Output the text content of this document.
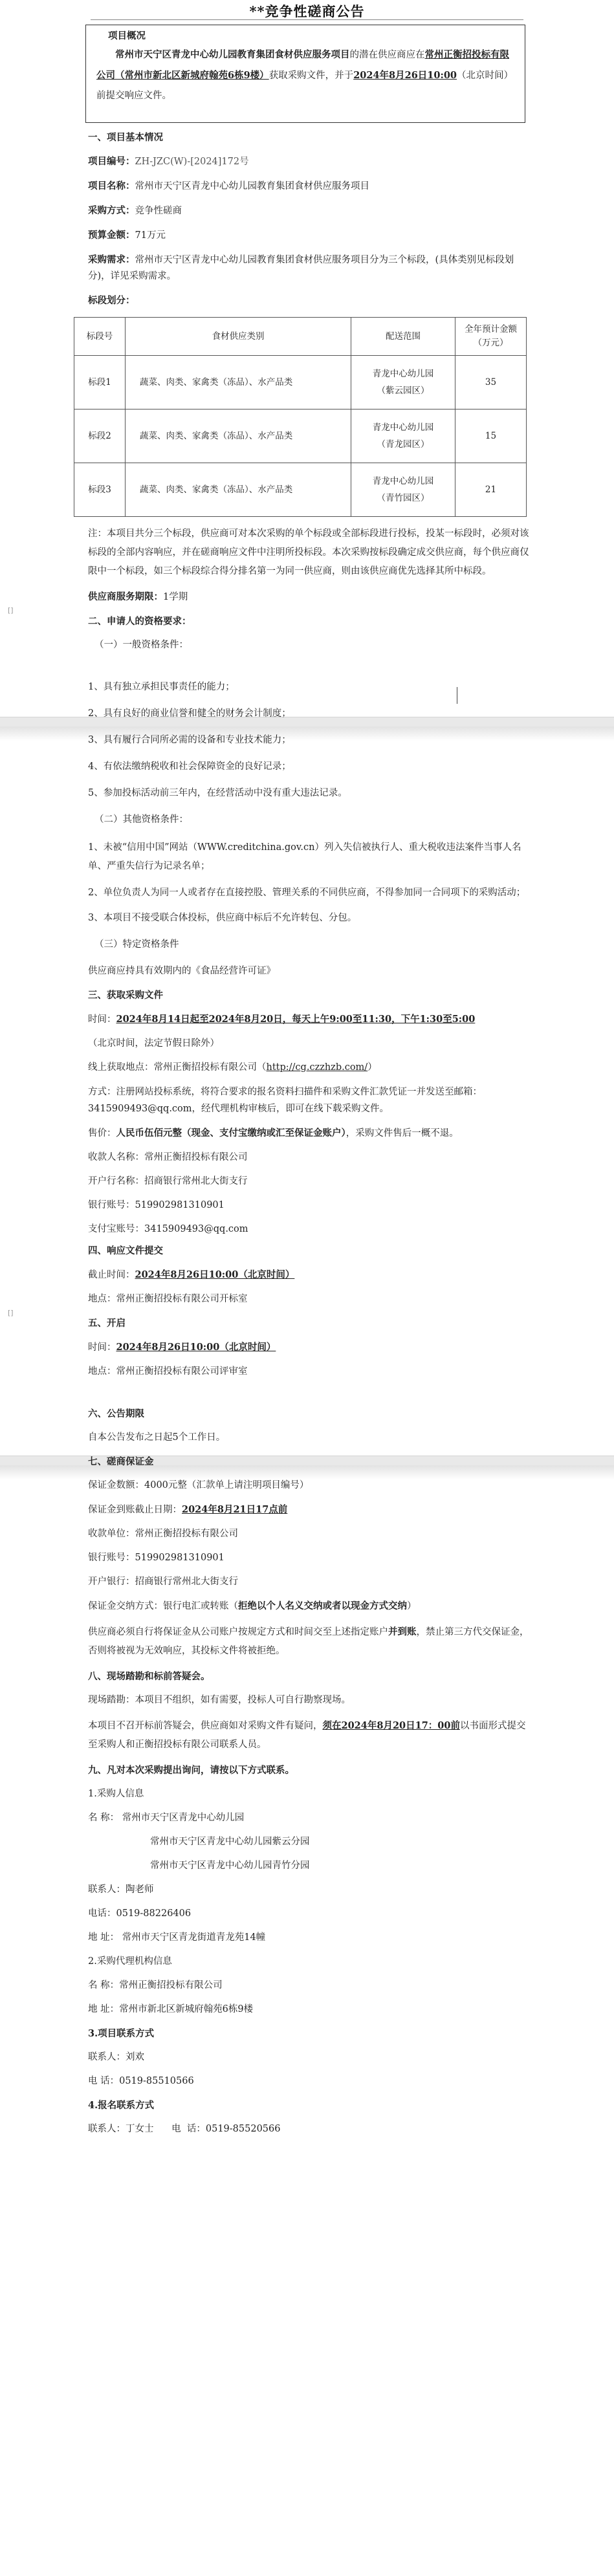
[]
[]
**竞争性磋商公告
项目概况
常州市天宁区青龙中心幼儿园教育集团食材供应服务项目的潜在供应商应在常州正衡招投标有限公司（常州市新北区新城府翰苑6栋9楼）获取采购文件，并于2024年8月26日10:00（北京时间）前提交响应文件。

一、项目基本情况

项目编号：ZH-JZC(W)-[2024]172号

项目名称：常州市天宁区青龙中心幼儿园教育集团食材供应服务项目

采购方式：竞争性磋商

预算金额：71万元

采购需求：常州市天宁区青龙中心幼儿园教育集团食材供应服务项目分为三个标段，(具体类别见标段划分)，详见采购需求。

标段划分：

标段号	食材供应类别	配送范围	全年预计金额（万元）
标段1	蔬菜、肉类、家禽类（冻品）、水产品类	青龙中心幼儿园
（紫云园区）	35
标段2	蔬菜、肉类、家禽类（冻品）、水产品类	青龙中心幼儿园
（青龙园区）	15
标段3	蔬菜、肉类、家禽类（冻品）、水产品类	青龙中心幼儿园
（青竹园区）	21

注：本项目共分三个标段，供应商可对本次采购的单个标段或全部标段进行投标，投某一标段时，必须对该标段的全部内容响应，并在磋商响应文件中注明所投标段。本次采购按标段确定成交供应商，每个供应商仅限中一个标段，如三个标段综合得分排名第一为同一供应商，则由该供应商优先选择其所中标段。

供应商服务期限：1学期

二、申请人的资格要求：

（一）一般资格条件：

1、具有独立承担民事责任的能力；

2、具有良好的商业信誉和健全的财务会计制度；

3、具有履行合同所必需的设备和专业技术能力；

4、有依法缴纳税收和社会保障资金的良好记录；

5、参加投标活动前三年内，在经营活动中没有重大违法记录。

（二）其他资格条件：

1、未被“信用中国”网站（WWW.creditchina.gov.cn）列入失信被执行人、重大税收违法案件当事人名单、严重失信行为记录名单；

2、单位负责人为同一人或者存在直接控股、管理关系的不同供应商，不得参加同一合同项下的采购活动；

3、本项目不接受联合体投标，供应商中标后不允许转包、分包。

（三）特定资格条件

供应商应持具有效期内的《食品经营许可证》

三、获取采购文件

时间：2024年8月14日起至2024年8月20日，每天上午9:00至11:30，下午1:30至5:00

（北京时间，法定节假日除外）

线上获取地点：常州正衡招投标有限公司（http://cg.czzhzb.com/）

方式：注册网站投标系统，将符合要求的报名资料扫描件和采购文件汇款凭证一并发送至邮箱：3415909493@qq.com，经代理机构审核后，即可在线下载采购文件。

售价：人民币伍佰元整（现金、支付宝缴纳或汇至保证金账户），采购文件售后一概不退。

收款人名称：常州正衡招投标有限公司

开户行名称：招商银行常州北大街支行

银行账号：519902981310901

支付宝账号：3415909493@qq.com

四、响应文件提交

截止时间：2024年8月26日10:00（北京时间）

地点：常州正衡招投标有限公司开标室

五、开启

时间：2024年8月26日10:00（北京时间）

地点：常州正衡招投标有限公司评审室

六、公告期限

自本公告发布之日起5个工作日。

七、磋商保证金

保证金数额：4000元整（汇款单上请注明项目编号）

保证金到账截止日期：2024年8月21日17点前

收款单位：常州正衡招投标有限公司

银行账号：519902981310901

开户银行：招商银行常州北大街支行

保证金交纳方式：银行电汇或转账（拒绝以个人名义交纳或者以现金方式交纳）

供应商必须自行将保证金从公司账户按规定方式和时间交至上述指定账户并到账，禁止第三方代交保证金，否则将被视为无效响应，其投标文件将被拒绝。

八、现场踏勘和标前答疑会。

现场踏勘：本项目不组织，如有需要，投标人可自行勘察现场。

本项目不召开标前答疑会，供应商如对采购文件有疑问，须在2024年8月20日17：00前以书面形式提交至采购人和正衡招投标有限公司联系人员。

九、凡对本次采购提出询问，请按以下方式联系。

1.采购人信息

名 称： 常州市天宁区青龙中心幼儿园

常州市天宁区青龙中心幼儿园紫云分园

常州市天宁区青龙中心幼儿园青竹分园

联系人：陶老师

电话：0519-88226406

地 址： 常州市天宁区青龙街道青龙苑14幢

2.采购代理机构信息

名 称：常州正衡招投标有限公司

地 址：常州市新北区新城府翰苑6栋9楼

3.项目联系方式

联系人：刘欢

电 话：0519-85510566

4.报名联系方式

联系人：丁女士      电  话：0519-85520566
